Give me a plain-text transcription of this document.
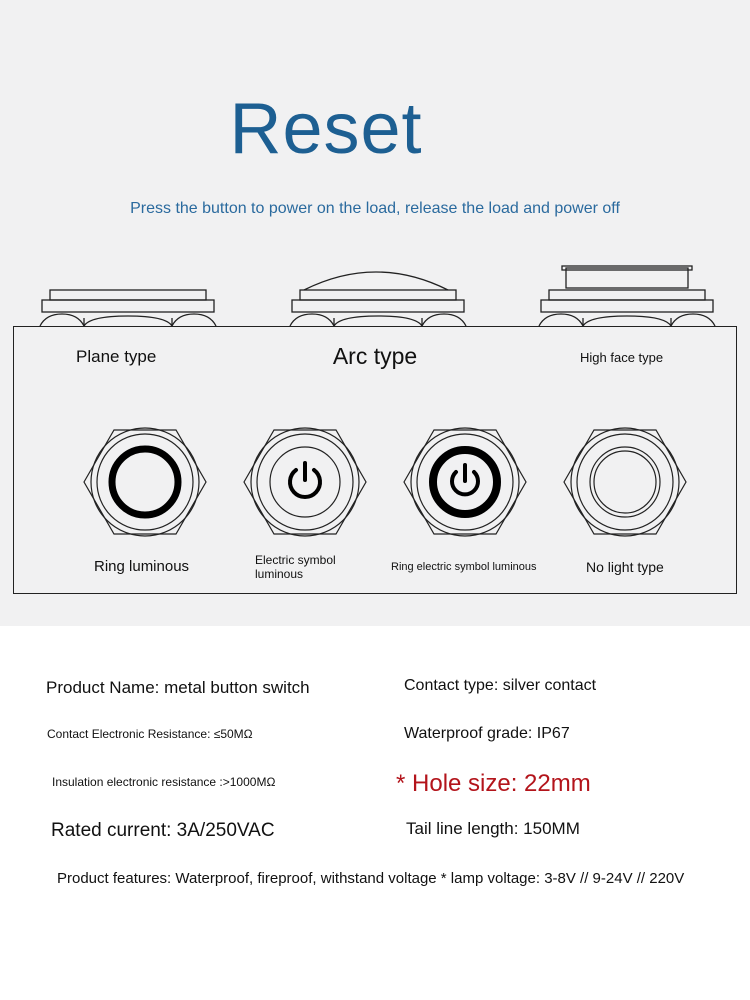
Reset
Press the button to power on the load, release the load and power off
Plane type	Arc type	High face type
Ring luminous	Electric symbol luminous	Ring electric symbol luminous	No light type
Product Name: metal button switch	Contact type: silver contact
Contact Electronic Resistance: ≤50MΩ	Waterproof grade: IP67
Insulation electronic resistance :>1000MΩ	* Hole size: 22mm
Rated current: 3A/250VAC	Tail line length: 150MM
Product features: Waterproof, fireproof, withstand voltage * lamp voltage: 3-8V // 9-24V // 220V
